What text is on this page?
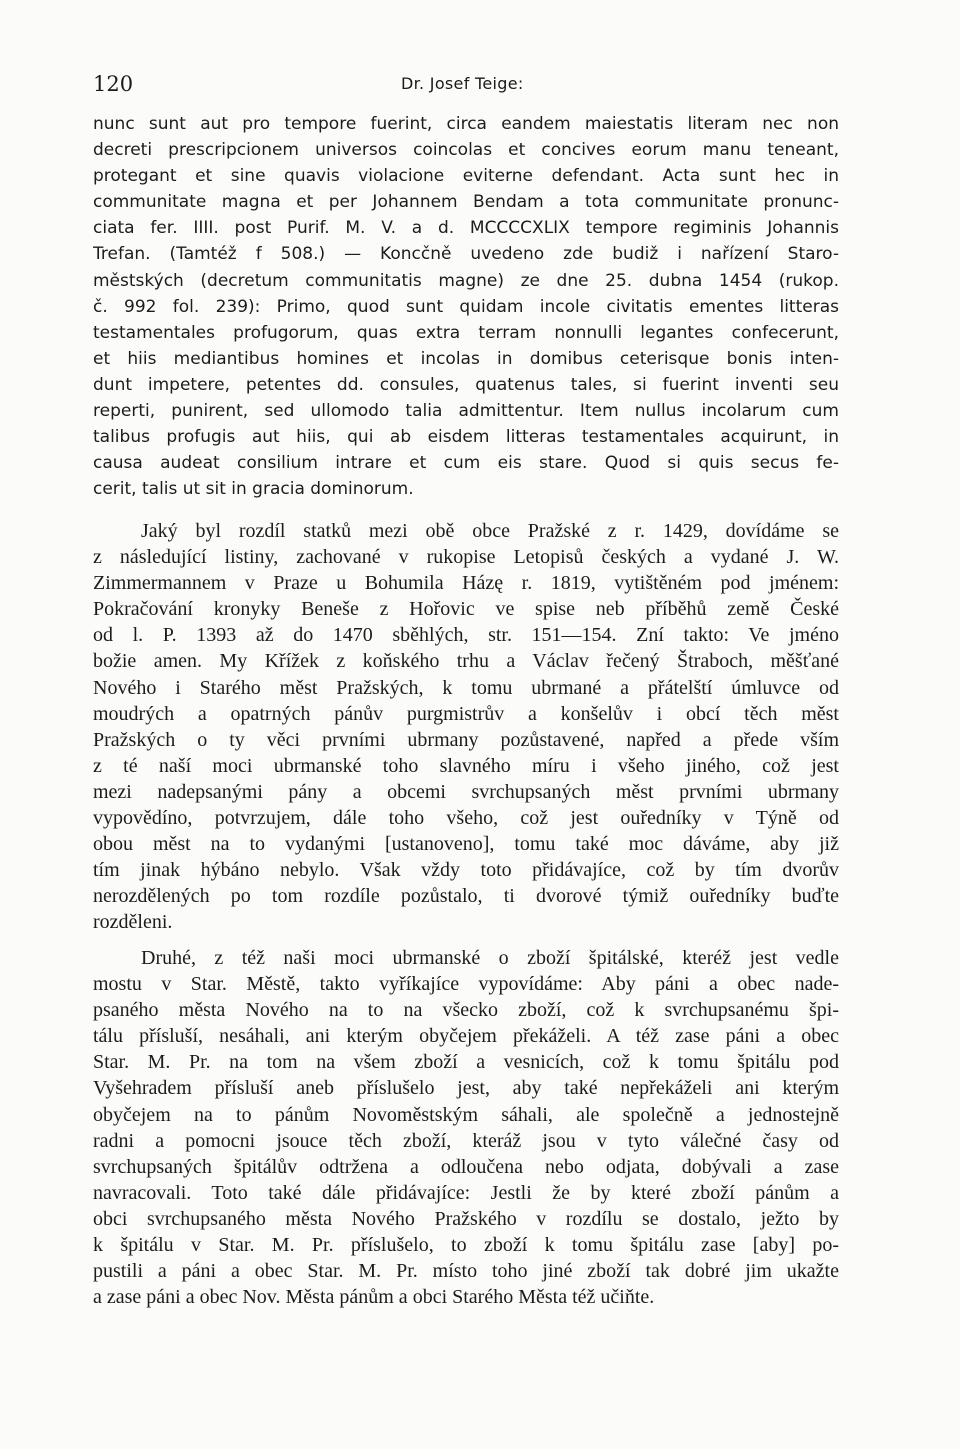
120	Dr. Josef Teige:
nunc sunt aut pro tempore fuerint, circa eandem maiestatis literam nec non
decreti prescripcionem universos coincolas et concives eorum manu teneant,
protegant et sine quavis violacione eviterne defendant. Acta sunt hec in
communitate magna et per Johannem Bendam a tota communitate pronunc-
ciata fer. IIII. post Purif. M. V. a d. MCCCCXLIX tempore regiminis Johannis
Trefan. (Tamtéž f 508.) — Koncčně uvedeno zde budiž i nařízení Staro-
městských (decretum communitatis magne) ze dne 25. dubna 1454 (rukop.
č. 992 fol. 239): Primo, quod sunt quidam incole civitatis ementes litteras
testamentales profugorum, quas extra terram nonnulli legantes confecerunt,
et hiis mediantibus homines et incolas in domibus ceterisque bonis inten-
dunt impetere, petentes dd. consules, quatenus tales, si fuerint inventi seu
reperti, punirent, sed ullomodo talia admittentur. Item nullus incolarum cum
talibus profugis aut hiis, qui ab eisdem litteras testamentales acquirunt, in
causa audeat consilium intrare et cum eis stare. Quod si quis secus fe-
cerit, talis ut sit in gracia dominorum.
Jaký byl rozdíl statků mezi obě obce Pražské z r. 1429, dovídáme se
z následující listiny, zachované v rukopise Letopisů českých a vydané J. W.
Zimmermannem v Praze u Bohumila Házę r. 1819, vytištěném pod jménem:
Pokračování kronyky Beneše z Hořovic ve spise neb příběhů země České
od l. P. 1393 až do 1470 sběhlých, str. 151—154. Zní takto: Ve jméno
božie amen. My Křížek z koňského trhu a Václav řečený Štraboch, měšťané
Nového i Starého měst Pražských, k tomu ubrmané a přátelští úmluvce od
moudrých a opatrných pánův purgmistrův a konšelův i obcí těch měst
Pražských o ty věci prvními ubrmany pozůstavené, napřed a přede vším
z té naší moci ubrmanské toho slavného míru i všeho jiného, což jest
mezi nadepsanými pány a obcemi svrchupsaných měst prvními ubrmany
vypovědíno, potvrzujem, dále toho všeho, což jest ouředníky v Týně od
obou měst na to vydanými [ustanoveno], tomu také moc dáváme, aby již
tím jinak hýbáno nebylo. Však vždy toto přidávajíce, což by tím dvorův
nerozdělených po tom rozdíle pozůstalo, ti dvorové týmiž ouředníky buďte
rozděleni.
Druhé, z též naši moci ubrmanské o zboží špitálské, kteréž jest vedle
mostu v Star. Městě, takto vyříkajíce vypovídáme: Aby páni a obec nade-
psaného města Nového na to na všecko zboží, což k svrchupsanému špi-
tálu přísluší, nesáhali, ani kterým obyčejem překáželi. A též zase páni a obec
Star. M. Pr. na tom na všem zboží a vesnicích, což k tomu špitálu pod
Vyšehradem přísluší aneb příslušelo jest, aby také nepřekáželi ani kterým
obyčejem na to pánům Novoměstským sáhali, ale společně a jednostejně
radni a pomocni jsouce těch zboží, kteráž jsou v tyto válečné časy od
svrchupsaných špitálův odtržena a odloučena nebo odjata, dobývali a zase
navracovali. Toto také dále přidávajíce: Jestli že by které zboží pánům a
obci svrchupsaného města Nového Pražského v rozdílu se dostalo, ježto by
k špitálu v Star. M. Pr. příslušelo, to zboží k tomu špitálu zase [aby] po-
pustili a páni a obec Star. M. Pr. místo toho jiné zboží tak dobré jim ukažte
a zase páni a obec Nov. Města pánům a obci Starého Města též učiňte.
